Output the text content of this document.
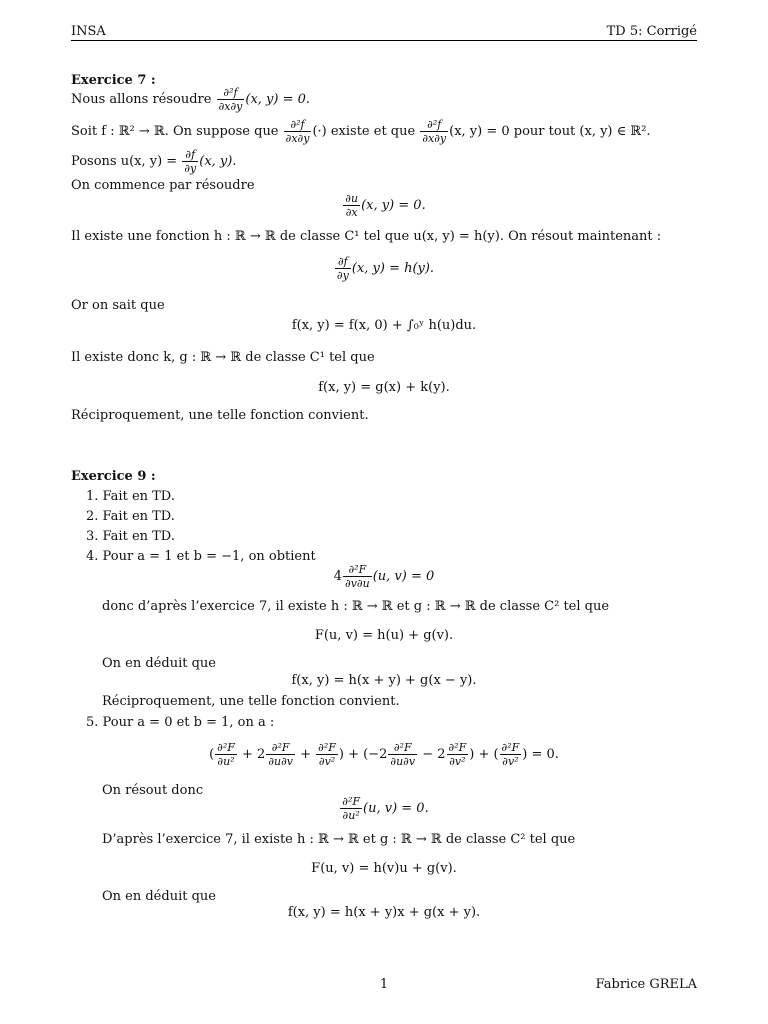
INSA	TD 5: Corrigé
Exercice 7 :
Nous allons résoudre $\frac{\text{∂²f}}{\partial x\partial y} (x$, y) = 0.
Soit f : ℝ² → ℝ. On suppose que $\frac{\text{∂²f}}{\partial x\partial y}$ (·) existe et que $\frac{\text{∂²f}}{\partial x\partial y} (x$, y) = 0 pour tout (x, y) ∈ ℝ².
Posons u(x, $y) = \frac{\partial f}{\partial y} (x$, y).
On commence par résoudre
$\frac{\partial u}{\partial x} (x$, y) = 0.
Il existe une fonction h : ℝ → ℝ de classe C¹ tel que u(x, y) = h(y). On résout maintenant :
$\frac{\partial f}{\partial y} (x$, y) = h(y).
Or on sait que
f(x, y) = f(x, 0) + ∫₀ʸ h(u)du.
Il existe donc k, g : ℝ → ℝ de classe C¹ tel que
f(x, y) = g(x) + k(y).
Réciproquement, une telle fonction convient.
Exercice 9 :
1. Fait en TD.
2. Fait en TD.
3. Fait en TD.
4. Pour a = 1 et b = −1, on obtient
$4 \frac{\text{∂²F}}{\partial v\partial u} (u$, v) = 0
donc d’après l’exercice 7, il existe h : ℝ → ℝ et g : ℝ → ℝ de classe C² tel que
F(u, v) = h(u) + g(v).
On en déduit que
f(x, y) = h(x + y) + g(x − y).
Réciproquement, une telle fonction convient.
5. Pour a = 0 et b = 1, on a :
( $\frac{\text{∂²F}}{\text{∂u²}} + 2 \frac{\text{∂²F}}{\partial u\partial v} + \frac{\text{∂²F}}{\text{∂v²}}$ ) + ($-2 \frac{\text{∂²F}}{\partial u\partial v} - 2 \frac{\text{∂²F}}{\text{∂v²}}$ ) + ( $\frac{\text{∂²F}}{\text{∂v²}}$ ) = 0.
On résout donc
$\frac{\text{∂²F}}{\text{∂u²}} (u$, v) = 0.
D’après l’exercice 7, il existe h : ℝ → ℝ et g : ℝ → ℝ de classe C² tel que
F(u, v) = h(v)u + g(v).
On en déduit que
f(x, y) = h(x + y)x + g(x + y).
1	Fabrice GRELA
